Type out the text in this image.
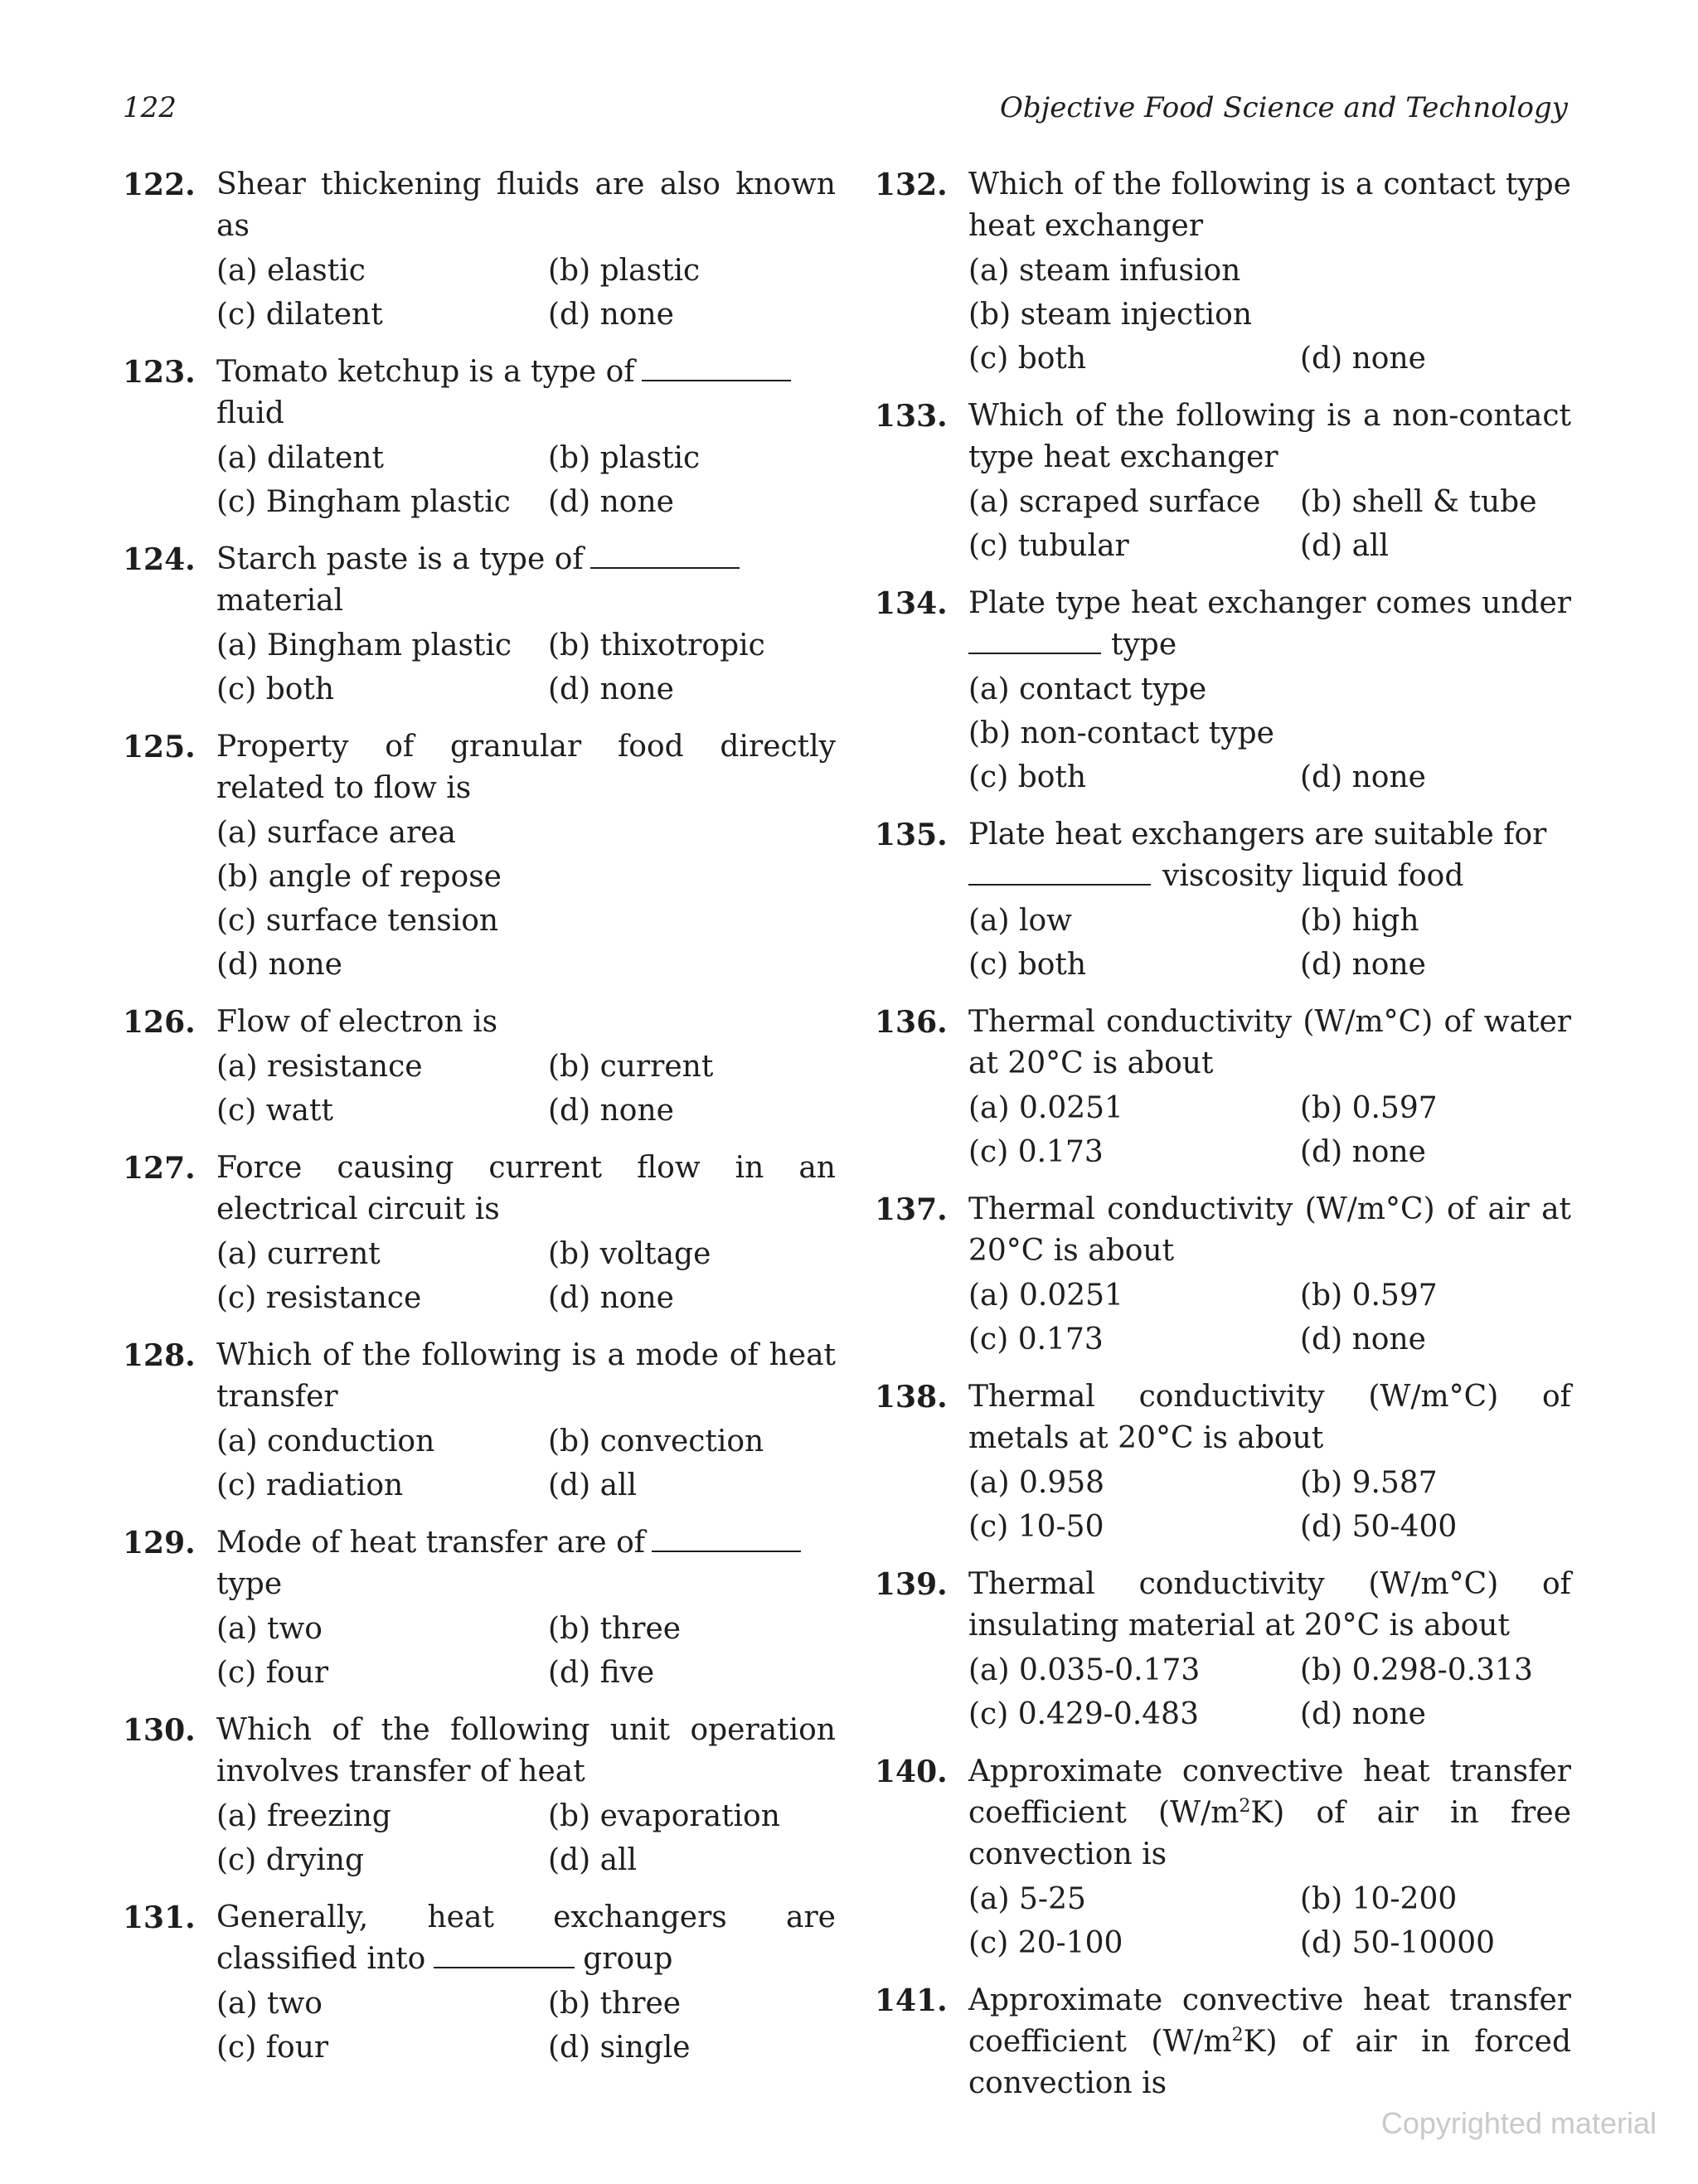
122	Objective Food Science and Technology
122. Shear thickening fluids are also known as
(a) elastic	(b) plastic
(c) dilatent	(d) none
123. Tomato ketchup is a type of
fluid
(a) dilatent	(b) plastic
(c) Bingham plastic	(d) none
124. Starch paste is a type of
material
(a) Bingham plastic	(b) thixotropic
(c) both	(d) none
125. Property of granular food directly related to flow is
(a) surface area
(b) angle of repose
(c) surface tension
(d) none
126. Flow of electron is
(a) resistance	(b) current
(c) watt	(d) none
127. Force causing current flow in an electrical circuit is
(a) current	(b) voltage
(c) resistance	(d) none
128. Which of the following is a mode of heat transfer
(a) conduction	(b) convection
(c) radiation	(d) all
129. Mode of heat transfer are of
type
(a) two	(b) three
(c) four	(d) five
130. Which of the following unit operation involves transfer of heat
(a) freezing	(b) evaporation
(c) drying	(d) all
131. Generally, heat exchangers are classified into	group
(a) two	(b) three
(c) four	(d) single
132. Which of the following is a contact type heat exchanger
(a) steam infusion
(b) steam injection
(c) both	(d) none
133. Which of the following is a non-contact type heat exchanger
(a) scraped surface	(b) shell & tube
(c) tubular	(d) all
134. Plate type heat exchanger comes undertype
(a) contact type
(b) non-contact type
(c) both	(d) none
135. Plate heat exchangers are suitable for
viscosity liquid food
(a) low	(b) high
(c) both	(d) none
136. Thermal conductivity (W/m°C) of water at 20°C is about
(a) 0.0251	(b) 0.597
(c) 0.173	(d) none
137. Thermal conductivity (W/m°C) of air at 20°C is about
(a) 0.0251	(b) 0.597
(c) 0.173	(d) none
138. Thermal conductivity (W/m°C) of metals at 20°C is about
(a) 0.958	(b) 9.587
(c) 10-50	(d) 50-400
139. Thermal conductivity (W/m°C) of insulating material at 20°C is about
(a) 0.035-0.173	(b) 0.298-0.313
(c) 0.429-0.483	(d) none
140. Approximate convective heat transfer coefficient $(W/m^2K)$ of air in free convection is
(a) 5-25	(b) 10-200
(c) 20-100	(d) 50-10000
141. Approximate convective heat transfer coefficient $(W/m^2K)$ of air in forced convection is
Copyrighted material
